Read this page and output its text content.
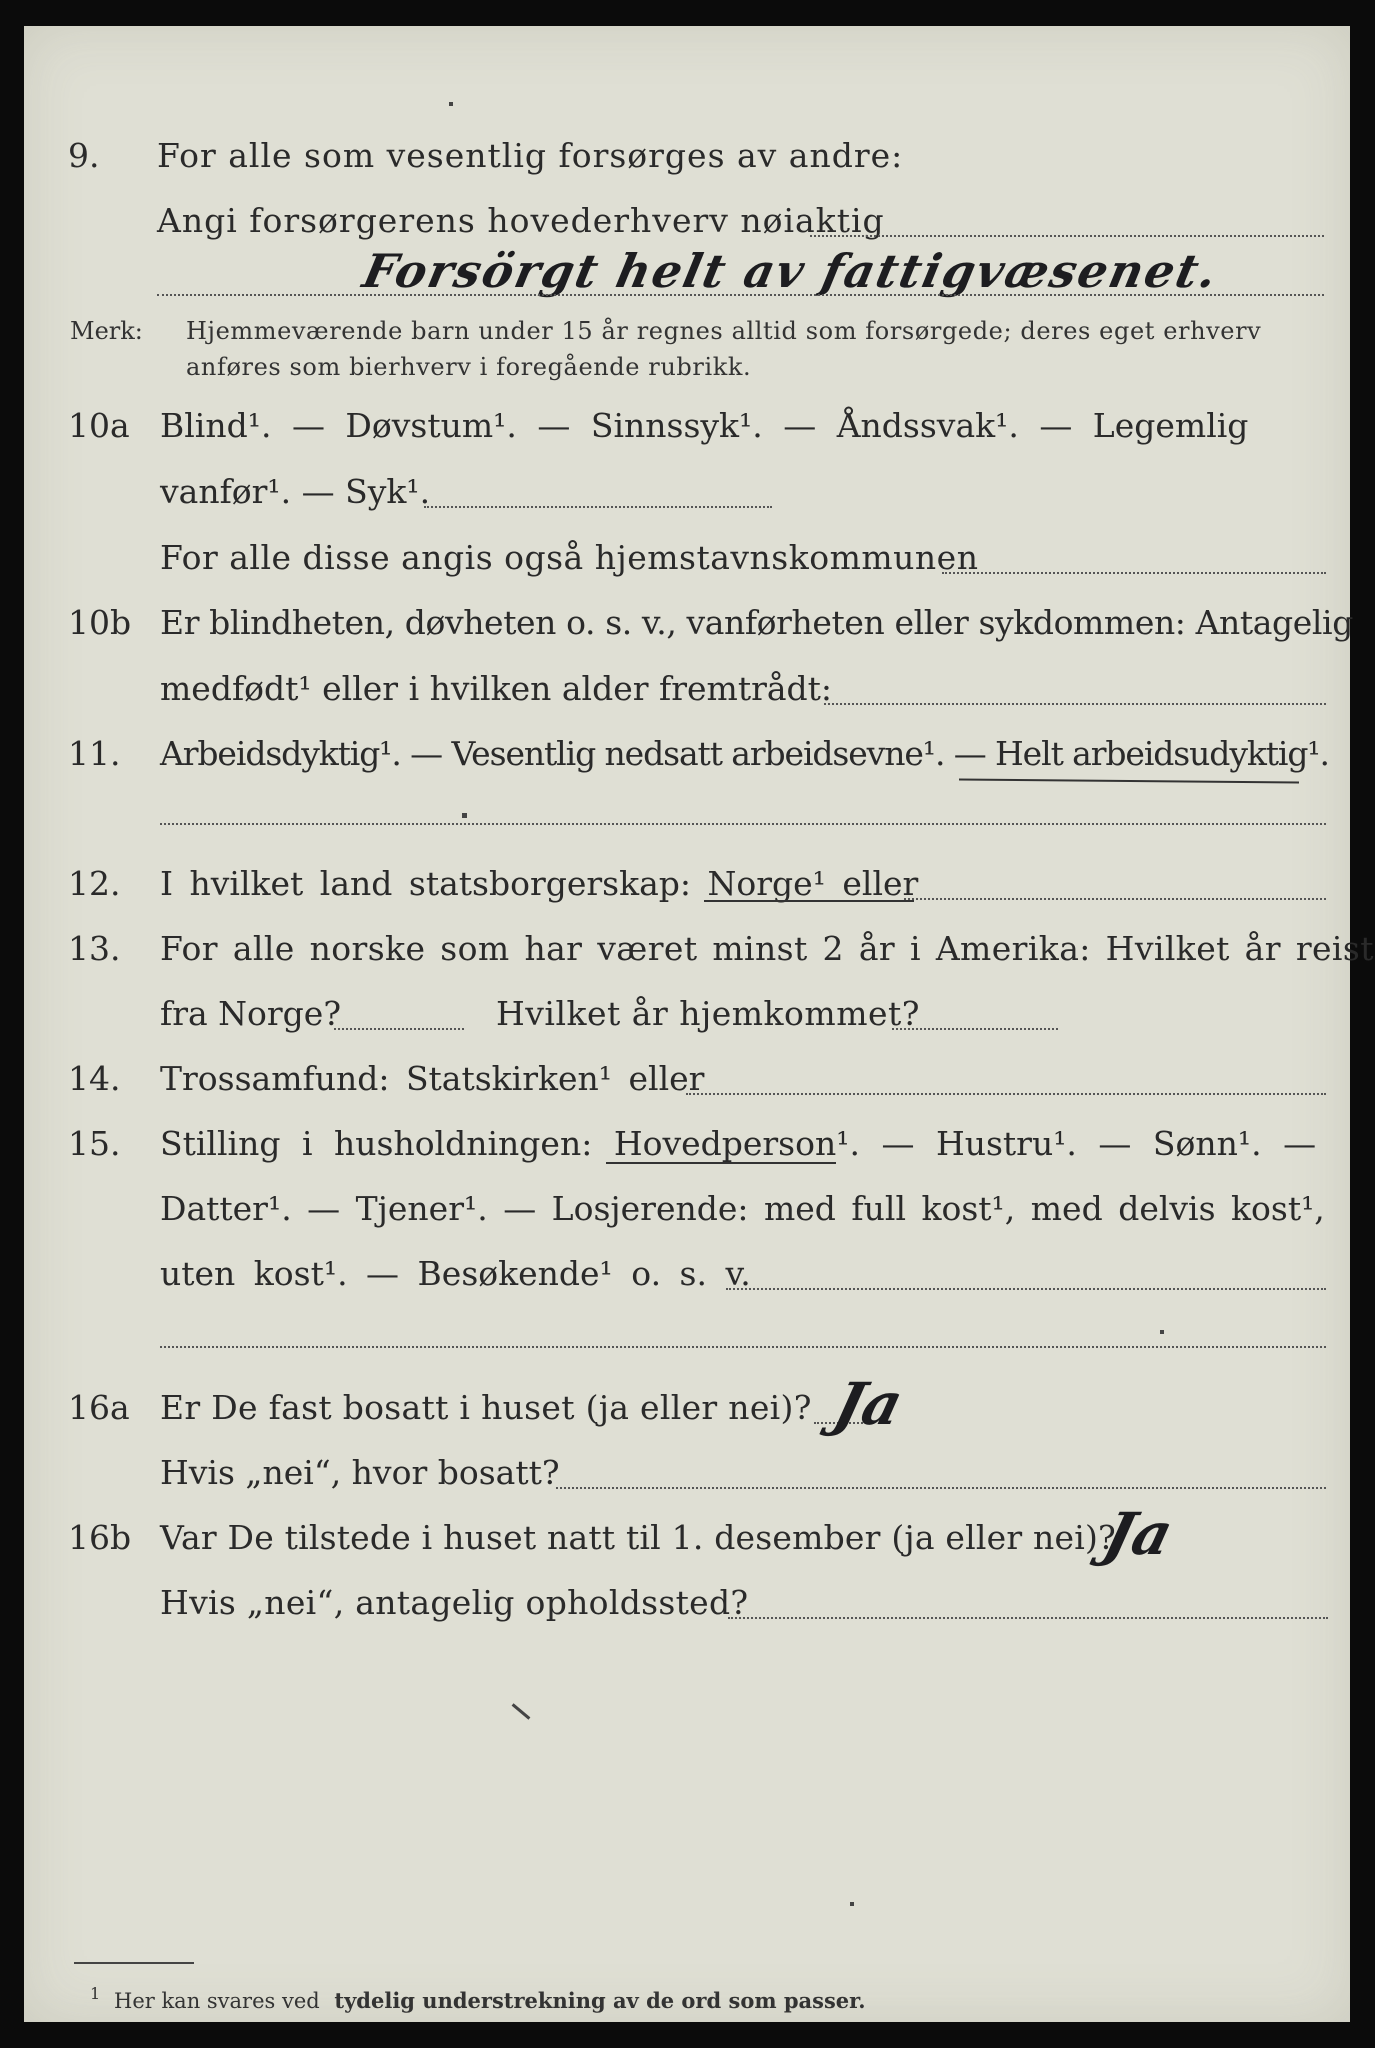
9. For alle som vesentlig forsørges av andre:
Angi forsørgerens hovederhverv nøiaktig
Forsörgt helt av fattigvæsenet.
Merk: Hjemmeværende barn under 15 år regnes alltid som forsørgede; deres eget erhverv
anføres som bierhverv i foregående rubrikk.
10a Blind¹. — Døvstum¹. — Sinnssyk¹. — Åndssvak¹. — Legemlig
vanfør¹. — Syk¹.
For alle disse angis også hjemstavnskommunen
10b Er blindheten, døvheten o. s. v., vanførheten eller sykdommen: Antagelig
medfødt¹ eller i hvilken alder fremtrådt:
11. Arbeidsdyktig¹. — Vesentlig nedsatt arbeidsevne¹. — Helt arbeidsudyktig¹.
12. I hvilket land statsborgerskap: Norge¹ eller
13. For alle norske som har været minst 2 år i Amerika: Hvilket år reist
fra Norge?	Hvilket år hjemkommet?
14. Trossamfund: Statskirken¹ eller
15. Stilling i husholdningen: Hovedperson¹. — Hustru¹. — Sønn¹. —
Datter¹. — Tjener¹. — Losjerende: med full kost¹, med delvis kost¹,
uten kost¹. — Besøkende¹ o. s. v.
16a Er De fast bosatt i huset (ja eller nei)? Ja
Hvis „nei“, hvor bosatt?
16b Var De tilstede i huset natt til 1. desember (ja eller nei)?
Ja
Hvis „nei“, antagelig opholdssted?
1 Her kan svares ved tydelig understrekning av de ord som passer.
